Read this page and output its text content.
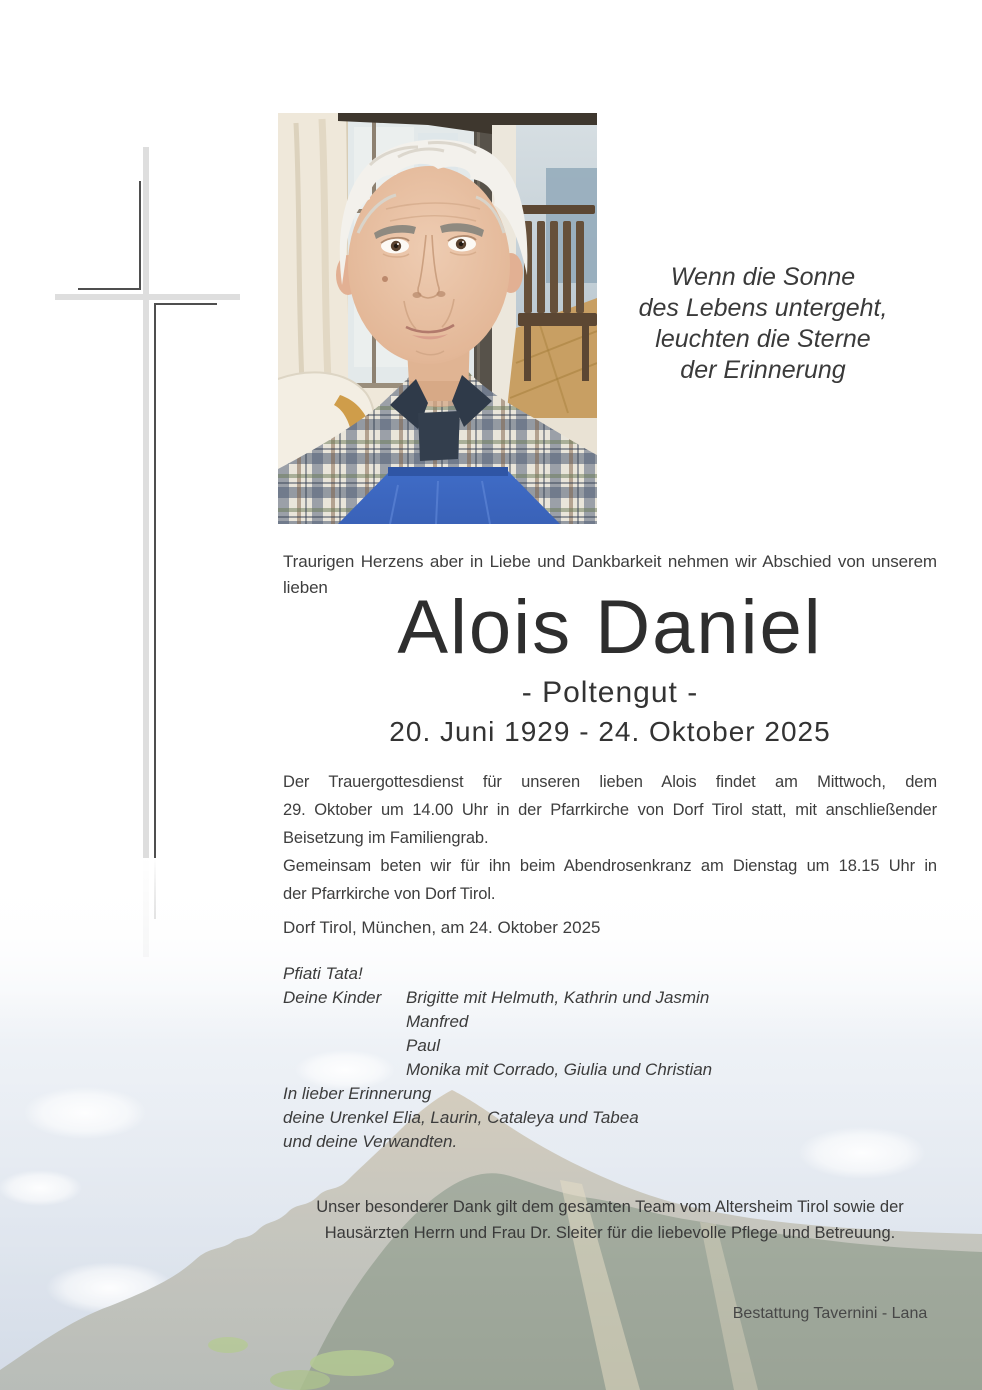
Wenn die Sonne
des Lebens untergeht,
leuchten die Sterne
der Erinnerung
Traurigen Herzens aber in Liebe und Dankbarkeit nehmen wir Abschied von unserem
lieben Alois Daniel
- Poltengut -
20. Juni 1929 - 24. Oktober 2025
Der Trauergottesdienst für unseren lieben Alois findet am Mittwoch, dem
29. Oktober um 14.00 Uhr in der Pfarrkirche von Dorf Tirol statt, mit anschließender
Beisetzung im Familiengrab.
Gemeinsam beten wir für ihn beim Abendrosenkranz am Dienstag um 18.15 Uhr in
der Pfarrkirche von Dorf Tirol.
Dorf Tirol, München, am 24. Oktober 2025
Pfiati Tata!
Deine Kinder Brigitte mit Helmuth, Kathrin und Jasmin
Manfred
Paul
Monika mit Corrado, Giulia und Christian
In lieber Erinnerung
deine Urenkel Elia, Laurin, Cataleya und Tabea
und deine Verwandten.
Unser besonderer Dank gilt dem gesamten Team vom Altersheim Tirol sowie der
Hausärzten Herrn und Frau Dr. Sleiter für die liebevolle Pflege und Betreuung.
Bestattung Tavernini - Lana
